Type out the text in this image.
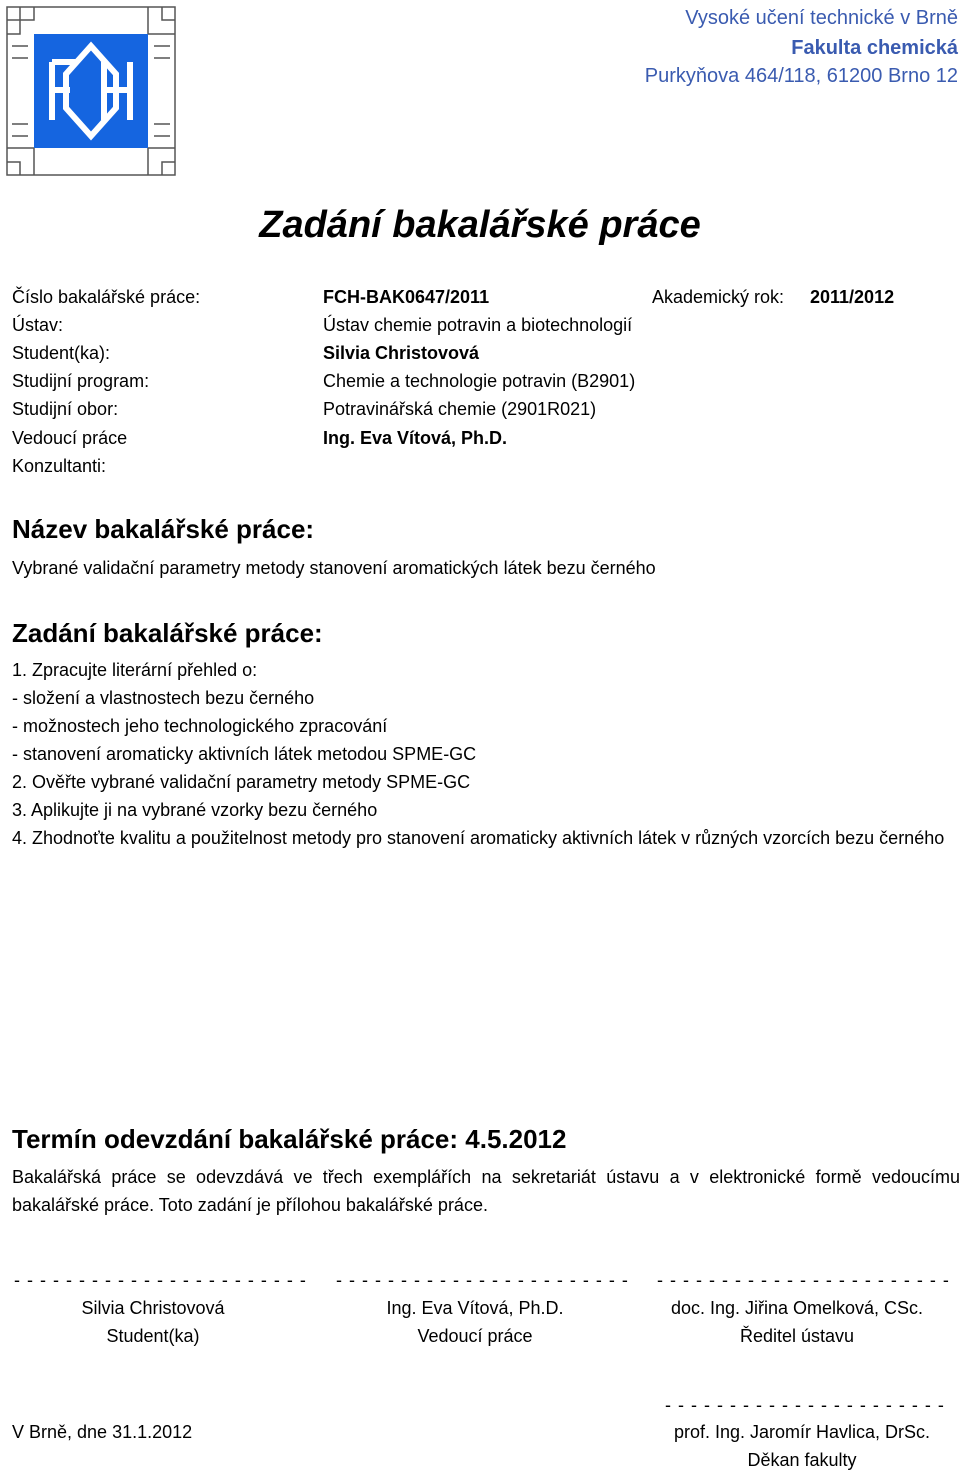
Vysoké učení technické v Brně
Fakulta chemická
Purkyňova 464/118, 61200 Brno 12
Zadání bakalářské práce
Číslo bakalářské práce:	FCH-BAK0647/2011	Akademický rok: 2011/2012
Ústav:	Ústav chemie potravin a biotechnologií
Student(ka):	Silvia Christovová
Studijní program:	Chemie a technologie potravin (B2901)
Studijní obor:	Potravinářská chemie (2901R021)
Vedoucí práce	Ing. Eva Vítová, Ph.D.
Konzultanti:
Název bakalářské práce:
Vybrané validační parametry metody stanovení aromatických látek bezu černého
Zadání bakalářské práce:
1. Zpracujte literární přehled o:
- složení a vlastnostech bezu černého
- možnostech jeho technologického zpracování
- stanovení aromaticky aktivních látek metodou SPME-GC
2. Ověřte vybrané validační parametry metody SPME-GC
3. Aplikujte ji na vybrané vzorky bezu černého
4. Zhodnoťte kvalitu a použitelnost metody pro stanovení aromaticky aktivních látek v různých vzorcích bezu černého
Termín odevzdání bakalářské práce: 4.5.2012
Bakalářská práce se odevzdává ve třech exemplářích na sekretariát ústavu a v elektronické formě vedoucímu bakalářské práce. Toto zadání je přílohou bakalářské práce.
- - - - - - - - - - - - - - - - - - - - - - - - - - - - - - - - - - - - - - - - - - - - - - - - - - - - - - - - - - - - - - - - - - - - -
Silvia Christovová
Student(ka)
Ing. Eva Vítová, Ph.D.
Vedoucí práce
doc. Ing. Jiřina Omelková, CSc.
Ředitel ústavu
- - - - - - - - - - - - - - - - - - - - - -
V Brně, dne 31.1.2012	prof. Ing. Jaromír Havlica, DrSc.
Děkan fakulty
